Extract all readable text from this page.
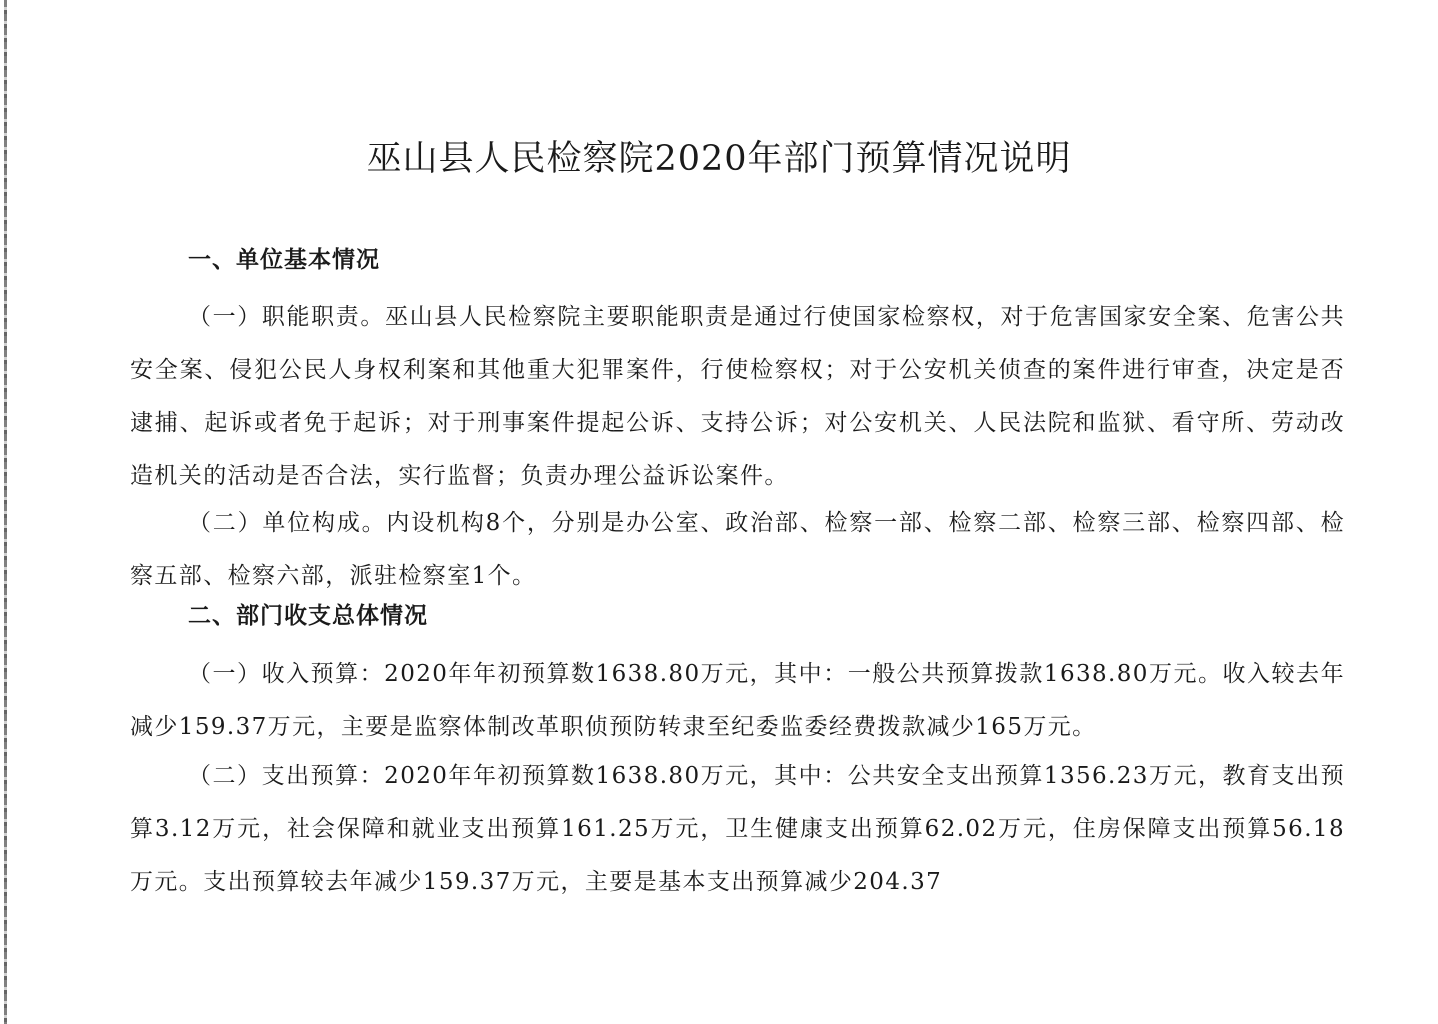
巫山县人民检察院2020年部门预算情况说明
一、单位基本情况

（一）职能职责。巫山县人民检察院主要职能职责是通过行使国家检察权，对于危害国家安全案、危害公共安全案、侵犯公民人身权利案和其他重大犯罪案件，行使检察权；对于公安机关侦查的案件进行审查，决定是否逮捕、起诉或者免于起诉；对于刑事案件提起公诉、支持公诉；对公安机关、人民法院和监狱、看守所、劳动改造机关的活动是否合法，实行监督；负责办理公益诉讼案件。

（二）单位构成。内设机构8个，分别是办公室、政治部、检察一部、检察二部、检察三部、检察四部、检察五部、检察六部，派驻检察室1个。

二、部门收支总体情况

（一）收入预算：2020年年初预算数1638.80万元，其中：一般公共预算拨款1638.80万元。收入较去年减少159.37万元，主要是监察体制改革职侦预防转隶至纪委监委经费拨款减少165万元。

（二）支出预算：2020年年初预算数1638.80万元，其中：公共安全支出预算1356.23万元，教育支出预算3.12万元，社会保障和就业支出预算161.25万元，卫生健康支出预算62.02万元，住房保障支出预算56.18万元。支出预算较去年减少159.37万元，主要是基本支出预算减少204.37
